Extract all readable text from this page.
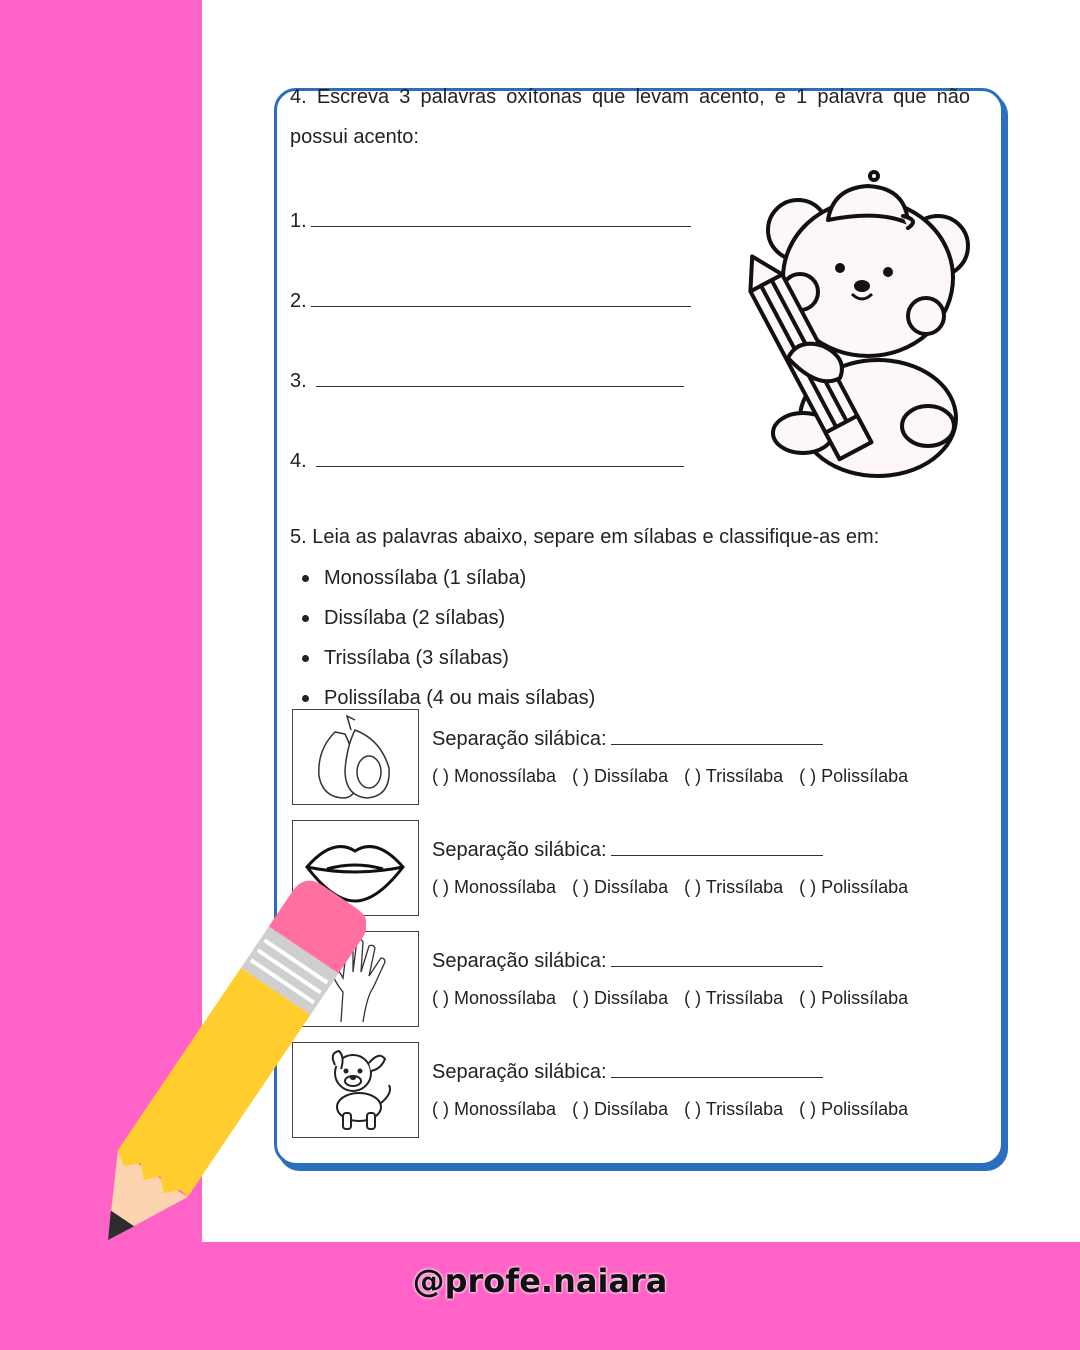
@profe.naiara
4. Escreva 3 palavras oxítonas que levam acento, e 1 palavra que não
possui acento:
1.
2.
3.
4.
5. Leia as palavras abaixo, separe em sílabas e classifique-as em:
Monossílaba (1 sílaba)
Dissílaba (2 sílabas)
Trissílaba (3 sílabas)
Polissílaba (4 ou mais sílabas)
Separação silábica:
( ) Monossílaba ( ) Dissílaba ( ) Trissílaba ( ) Polissílaba
Separação silábica:
( ) Monossílaba ( ) Dissílaba ( ) Trissílaba ( ) Polissílaba
Separação silábica:
( ) Monossílaba ( ) Dissílaba ( ) Trissílaba ( ) Polissílaba
Separação silábica:
( ) Monossílaba ( ) Dissílaba ( ) Trissílaba ( ) Polissílaba
